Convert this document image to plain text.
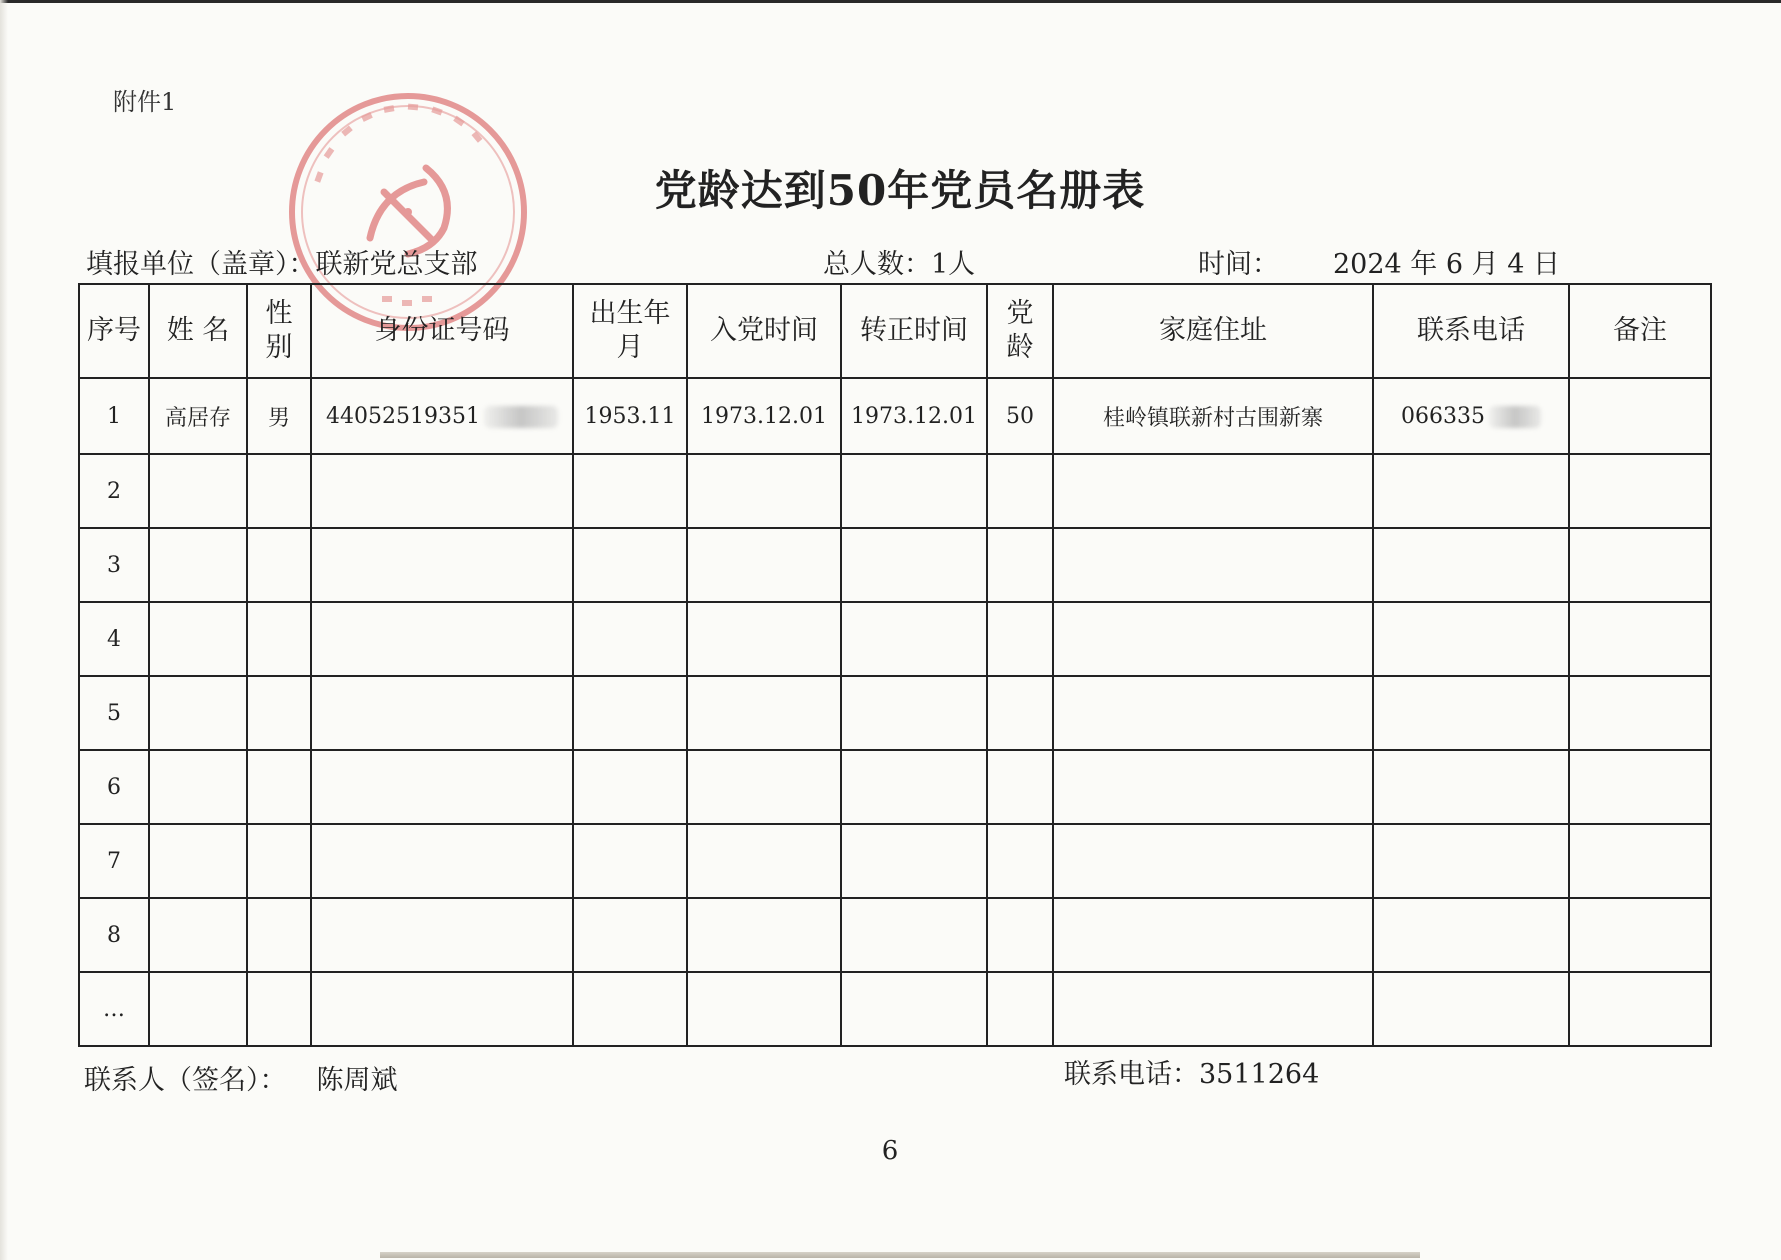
附件1
党龄达到50年党员名册表
填报单位（盖章）：联新党总支部	总人数：1人	时间： 2024 年 6 月 4 日
序号	姓 名	性别	身份证号码	出生年月	入党时间	转正时间	党龄	家庭住址	联系电话	备注
1	高居存	男	44052519351	1953.11	1973.12.01	1973.12.01	50	桂岭镇联新村古围新寨	066335	
2										
3										
4										
5										
6										
7										
8										
…										
联系人（签名）： 陈周斌	联系电话：3511264
6
